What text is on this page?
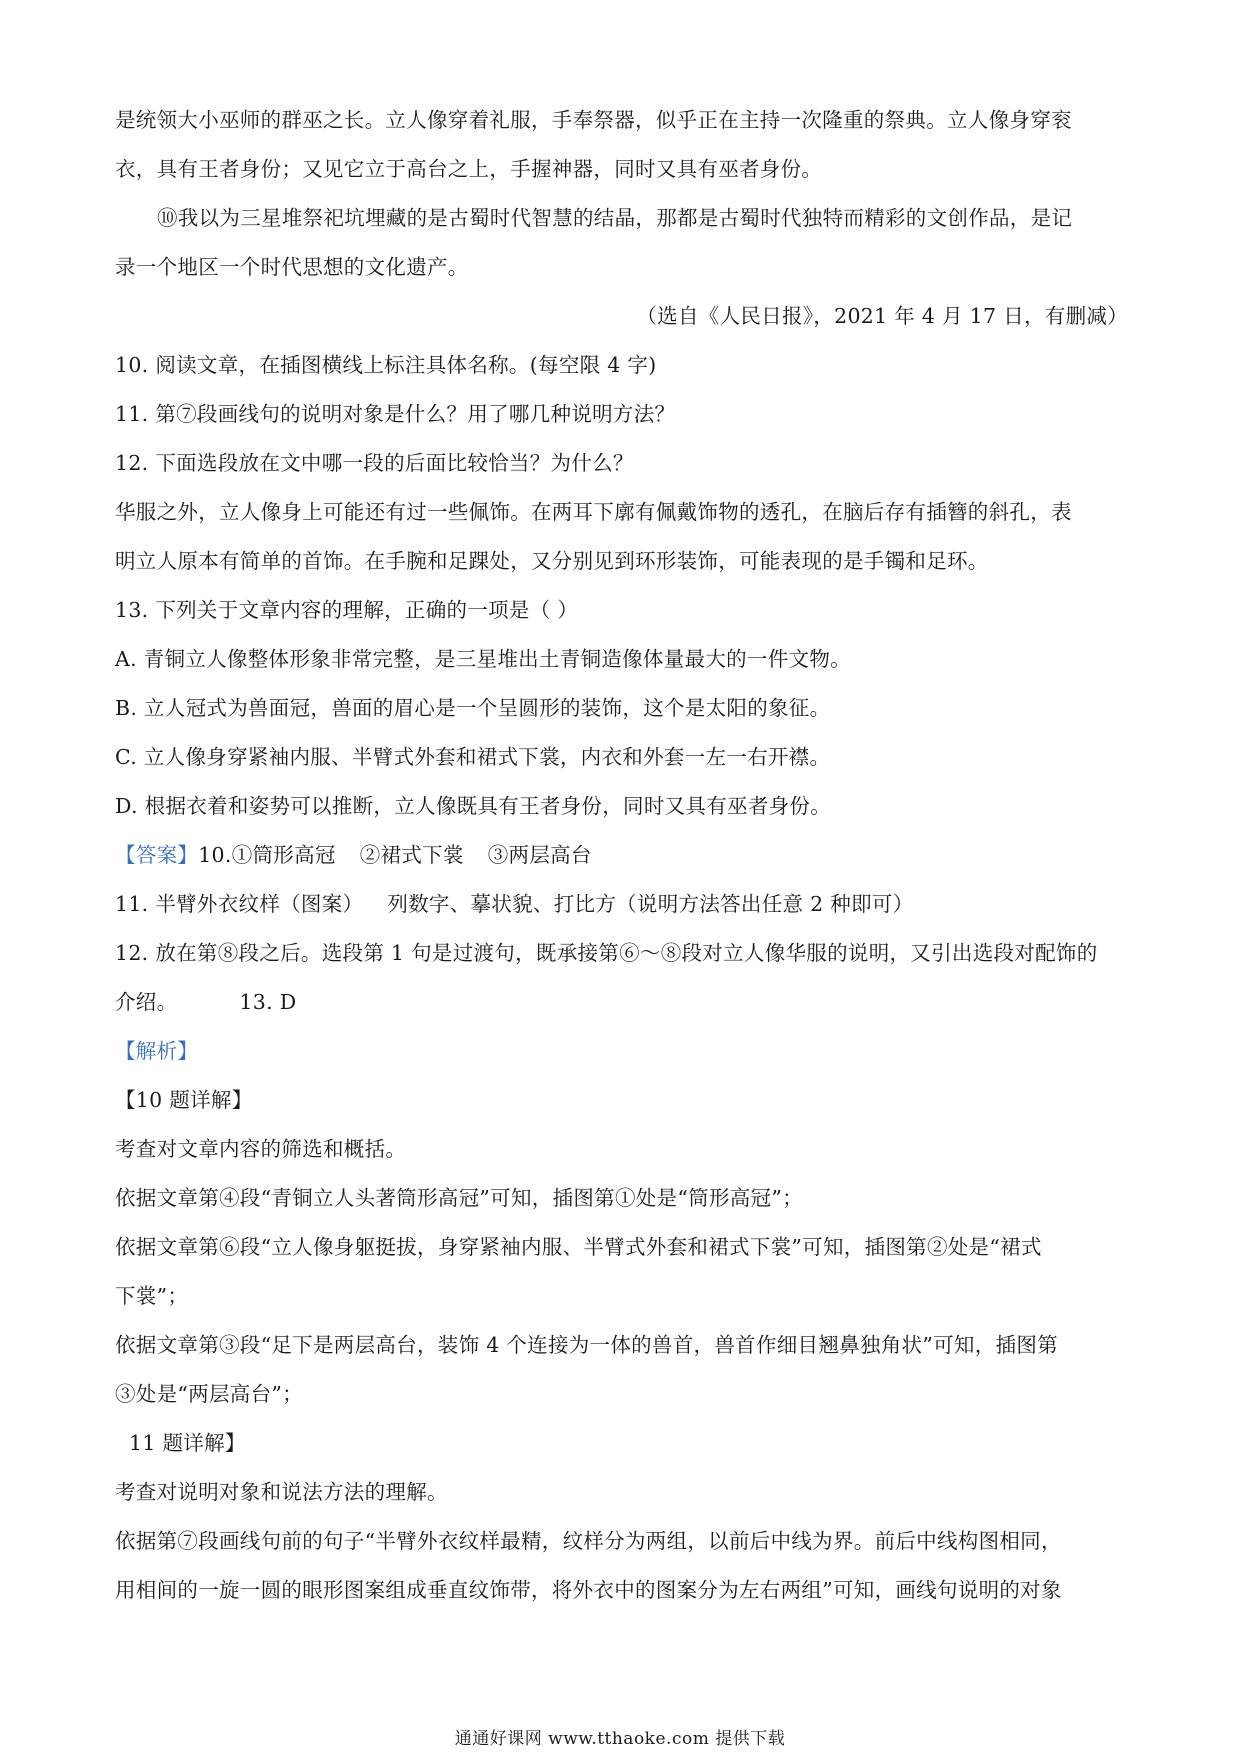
是统领大小巫师的群巫之长。立人像穿着礼服，手奉祭器，似乎正在主持一次隆重的祭典。立人像身穿衮
衣，具有王者身份；又见它立于高台之上，手握神器，同时又具有巫者身份。
⑩我以为三星堆祭祀坑埋藏的是古蜀时代智慧的结晶，那都是古蜀时代独特而精彩的文创作品，是记
录一个地区一个时代思想的文化遗产。
（选自《人民日报》，2021 年 4 月 17 日，有删减）
10. 阅读文章，在插图横线上标注具体名称。(每空限 4 字)
11. 第⑦段画线句的说明对象是什么？用了哪几种说明方法？
12. 下面选段放在文中哪一段的后面比较恰当？为什么？
华服之外，立人像身上可能还有过一些佩饰。在两耳下廓有佩戴饰物的透孔，在脑后存有插簪的斜孔，表
明立人原本有简单的首饰。在手腕和足踝处，又分别见到环形装饰，可能表现的是手镯和足环。
13. 下列关于文章内容的理解，正确的一项是（ ）
A. 青铜立人像整体形象非常完整，是三星堆出土青铜造像体量最大的一件文物。
B. 立人冠式为兽面冠，兽面的眉心是一个呈圆形的装饰，这个是太阳的象征。
C. 立人像身穿紧袖内服、半臂式外套和裙式下裳，内衣和外套一左一右开襟。
D. 根据衣着和姿势可以推断，立人像既具有王者身份，同时又具有巫者身份。
【答案】10.①筒形高冠 ②裙式下裳 ③两层高台
11. 半臂外衣纹样（图案） 列数字、摹状貌、打比方（说明方法答出任意 2 种即可）
12. 放在第⑧段之后。选段第 1 句是过渡句，既承接第⑥～⑧段对立人像华服的说明，又引出选段对配饰的
介绍。	13. D
【解析】
【10 题详解】
考查对文章内容的筛选和概括。
依据文章第④段“青铜立人头著筒形高冠”可知，插图第①处是“筒形高冠”；
依据文章第⑥段“立人像身躯挺拔，身穿紧袖内服、半臂式外套和裙式下裳”可知，插图第②处是“裙式
下裳”；
依据文章第③段“足下是两层高台，装饰 4 个连接为一体的兽首，兽首作细目翘鼻独角状”可知，插图第
③处是“两层高台”；
11 题详解】
考查对说明对象和说法方法的理解。
依据第⑦段画线句前的句子“半臂外衣纹样最精，纹样分为两组，以前后中线为界。前后中线构图相同，
用相间的一旋一圆的眼形图案组成垂直纹饰带，将外衣中的图案分为左右两组”可知，画线句说明的对象
通通好课网 www.tthaoke.com 提供下载
